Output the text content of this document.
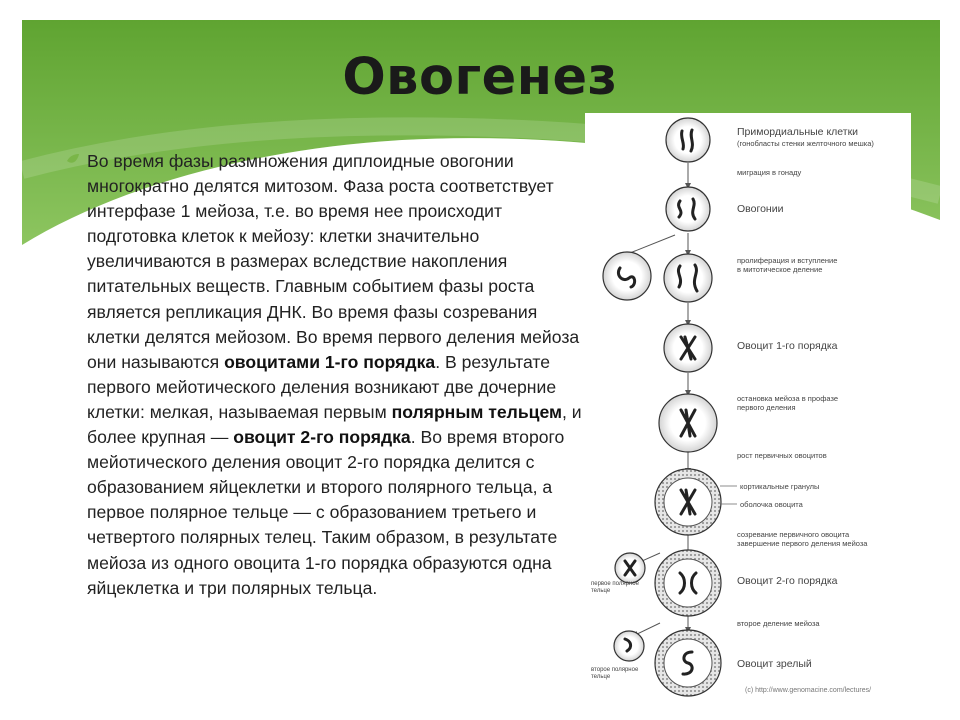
Овогенез
Во время фазы размножения диплоидные овогонии многократно делятся митозом. Фаза роста соответствует интерфазе 1 мейоза, т.е. во время нее происходит подготовка клеток к мейозу: клетки значительно увеличиваются в размерах вследствие накопления питательных веществ. Главным событием фазы роста является репликация ДНК. Во время фазы созревания клетки делятся мейозом. Во время первого деления мейоза они называются овоцитами 1-го порядка. В результате первого мейотического деления возникают две дочерние клетки: мелкая, называемая первым полярным тельцем, и более крупная — овоцит 2-го порядка. Во время второго мейотического деления овоцит 2-го порядка делится с образованием яйцеклетки и второго полярного тельца, а первое полярное тельце — с образованием третьего и четвертого полярных телец. Таким образом, в результате мейоза из одного овоцита 1-го порядка образуются одна яйцеклетка и три полярных тельца.
Примордиальные клетки
(гонобласты стенки желточного мешка)
миграция в гонаду
Овогонии
пролиферация и вступление
в митотическое деление
Овоцит 1-го порядка
остановка мейоза в профазе
первого деления
рост первичных овоцитов
кортикальные гранулы
оболочка овоцита
созревание первичного овоцита
завершение первого деления мейоза
первое полярное
тельце
Овоцит 2-го порядка
второе деление мейоза
второе полярное
тельце
Овоцит зрелый
(c) http://www.genomacine.com/lectures/
